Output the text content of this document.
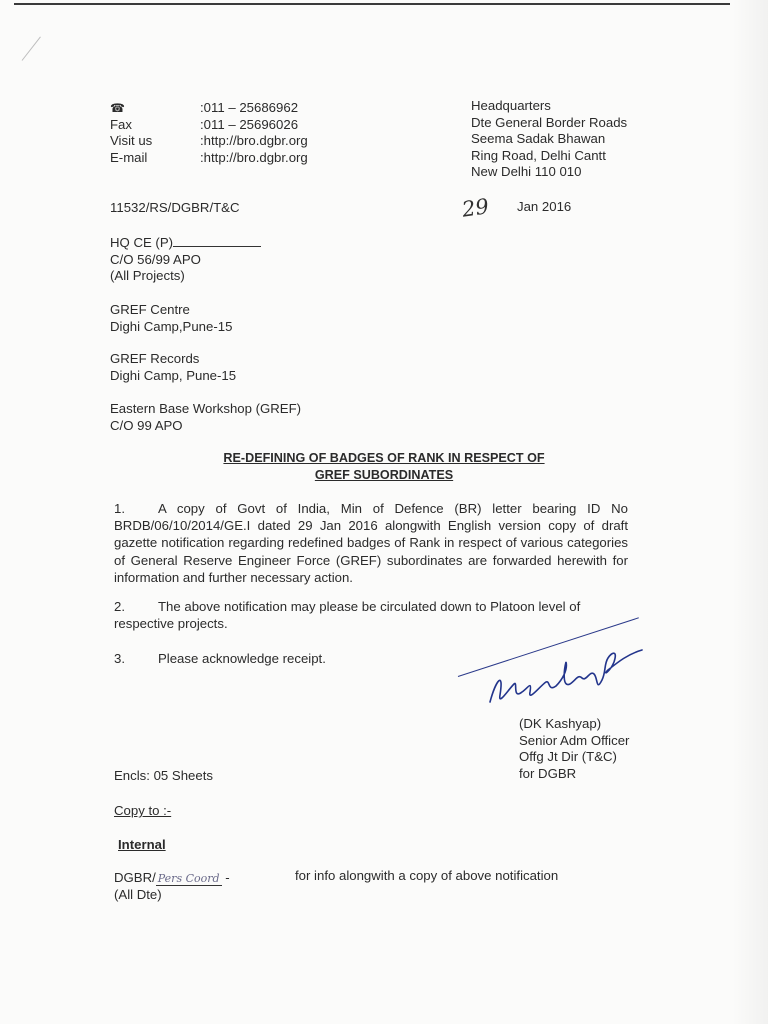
☎	:011 – 25686962
Fax	:011 – 25696026
Visit us	:http://bro.dgbr.org
E-mail	:http://bro.dgbr.org
Headquarters
Dte General Border Roads
Seema Sadak Bhawan
Ring Road, Delhi Cantt
New Delhi 110 010
11532/RS/DGBR/T&C	29 Jan 2016
HQ CE (P)
C/O 56/99 APO
(All Projects)
GREF Centre
Dighi Camp,Pune-15
GREF Records
Dighi Camp, Pune-15
Eastern Base Workshop (GREF)
C/O 99 APO
RE-DEFINING OF BADGES OF RANK IN RESPECT OF
GREF SUBORDINATES
1.	A copy of Govt of India, Min of Defence (BR) letter bearing ID No BRDB/06/10/2014/GE.I dated 29 Jan 2016 alongwith English version copy of draft gazette notification regarding redefined badges of Rank in respect of various categories of General Reserve Engineer Force (GREF) subordinates are forwarded herewith for information and further necessary action.
2.	The above notification may please be circulated down to Platoon level of respective projects.
3.	Please acknowledge receipt.
(DK Kashyap)
Senior Adm Officer
Offg Jt Dir (T&C)
for DGBR
Encls: 05 Sheets
Copy to :-
Internal
DGBR/ Pers Coord -
(All Dte)
for info alongwith a copy of above notification
